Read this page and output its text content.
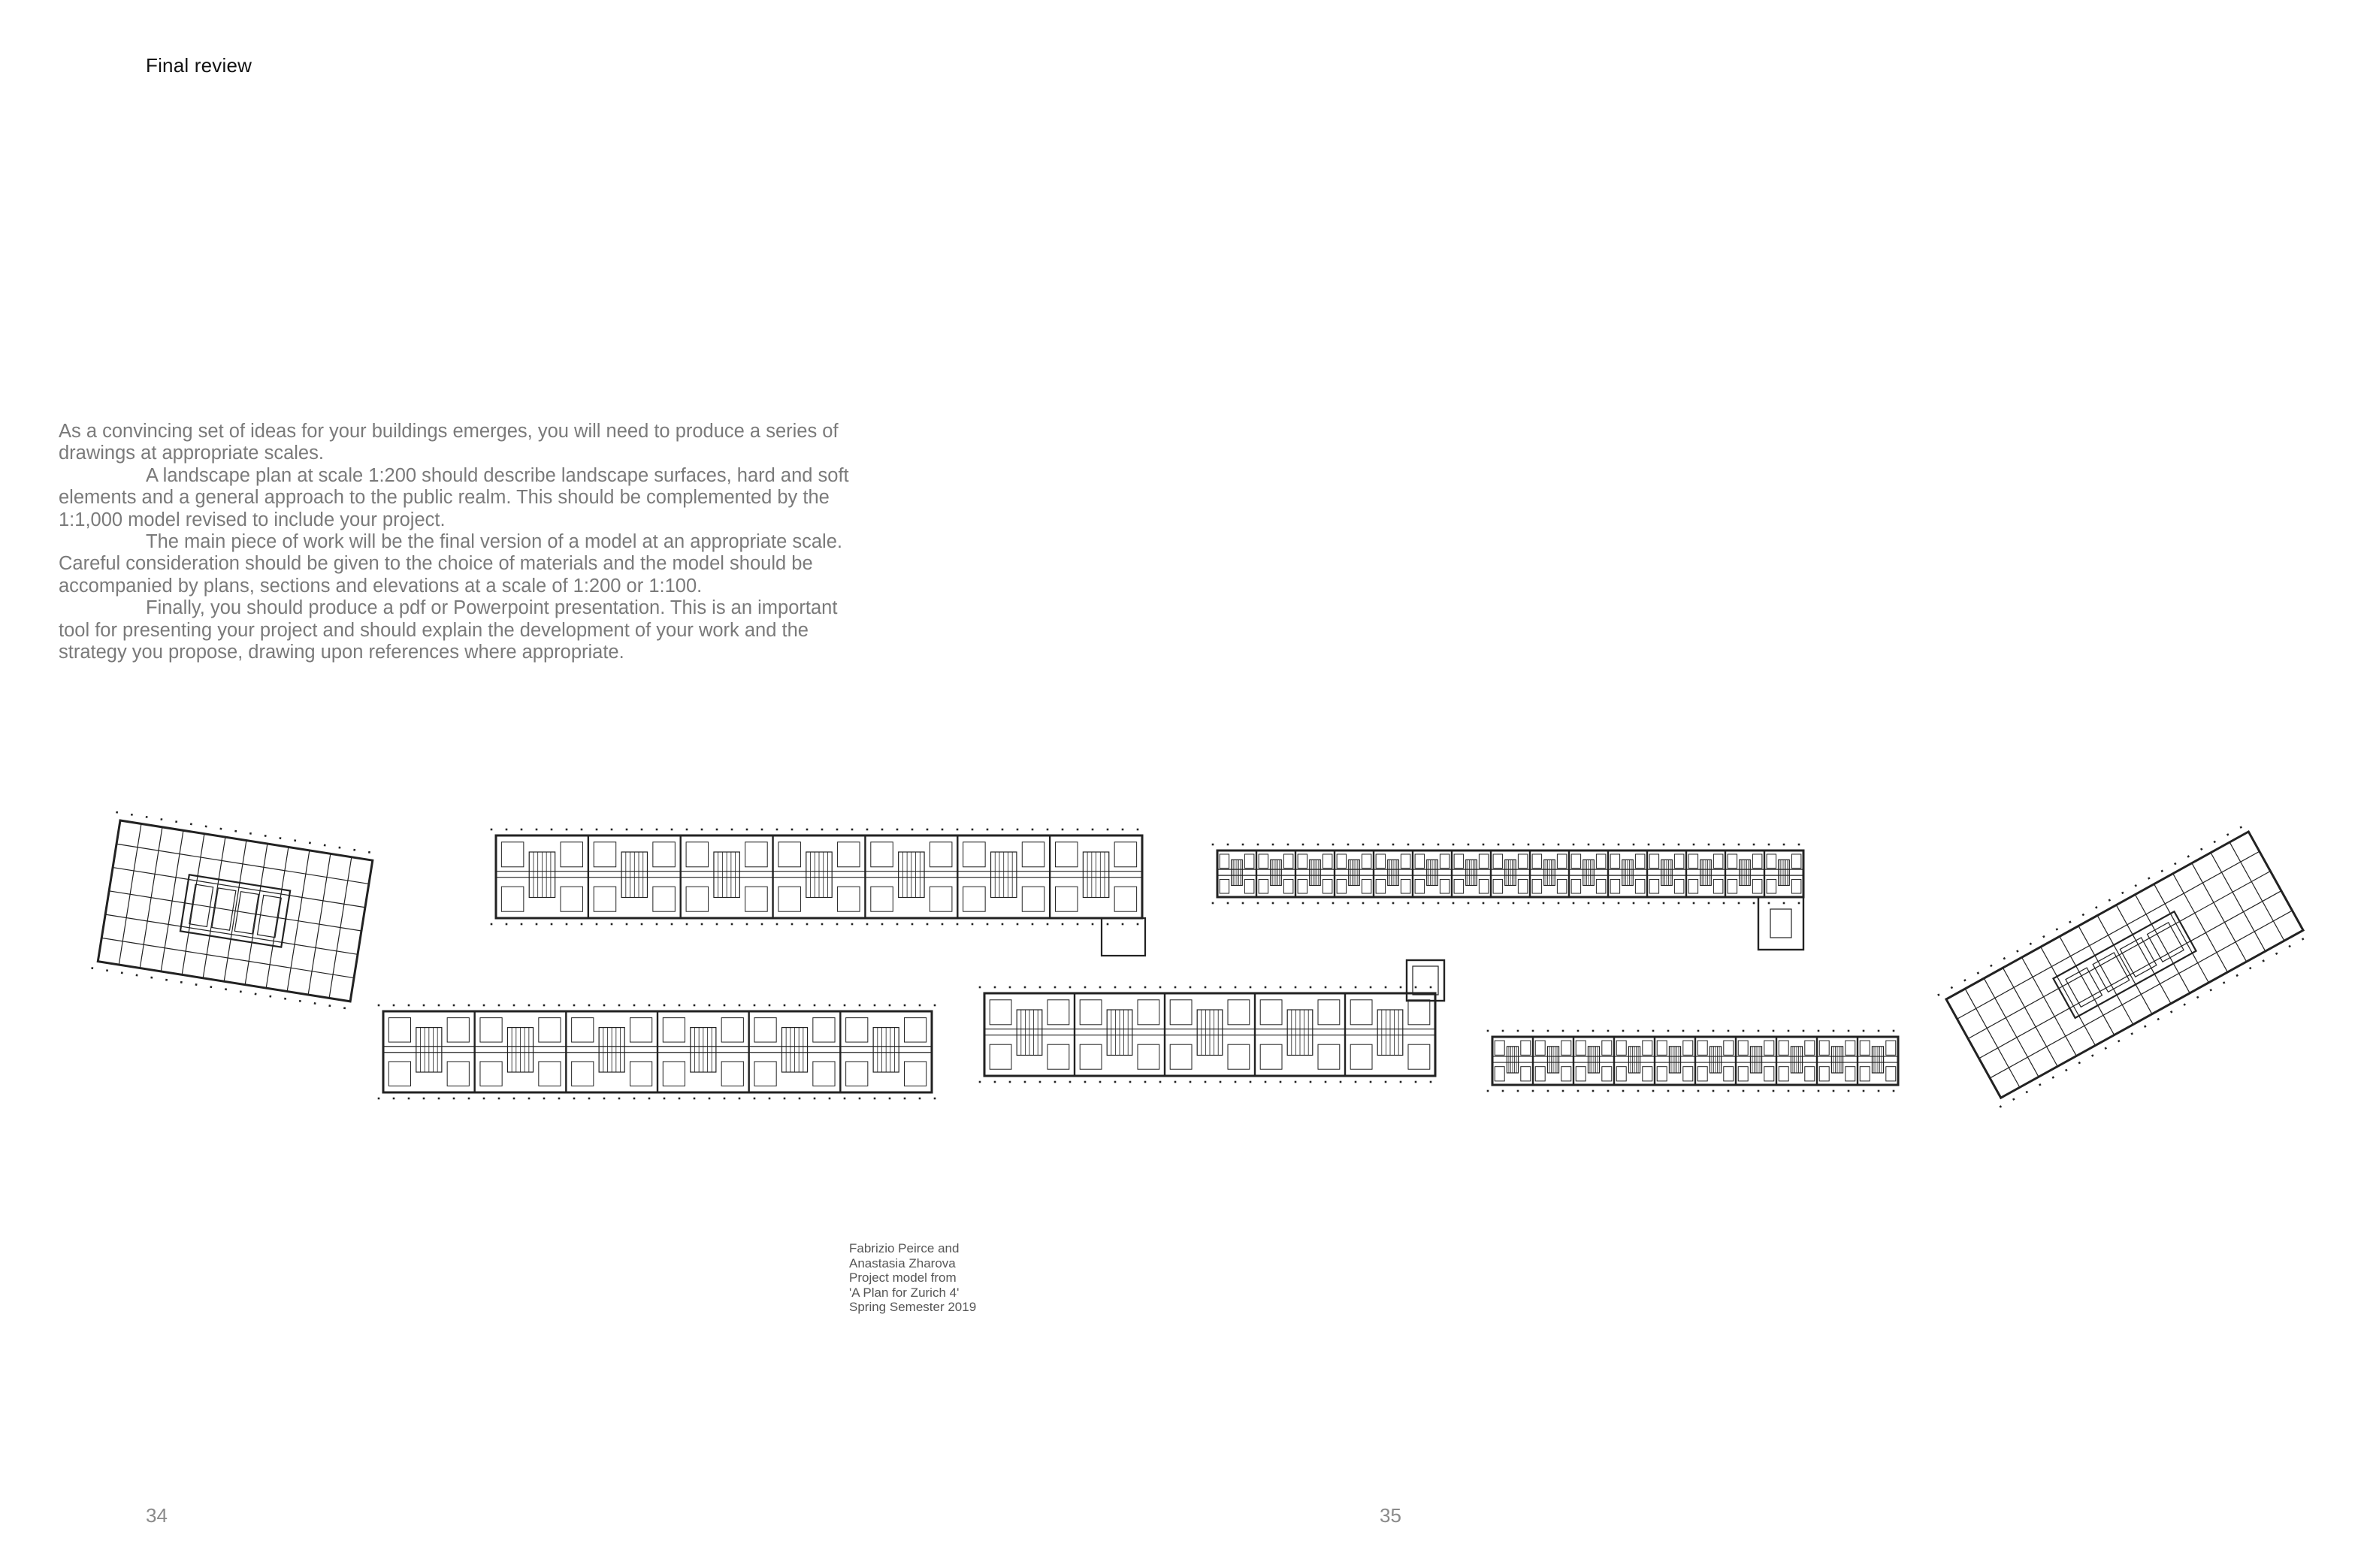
Final review

As a convincing set of ideas for your buildings emerges, you will need to produce a series of drawings at appropriate scales.

A landscape plan at scale 1:200 should describe landscape surfaces, hard and soft elements and a general approach to the public realm. This should be complemented by the 1:1,000 model revised to include your project.

The main piece of work will be the final version of a model at an appropriate scale. Careful consideration should be given to the choice of materials and the model should be accompanied by plans, sections and elevations at a scale of 1:200 or 1:100.

Finally, you should produce a pdf or Powerpoint presentation. This is an important tool for presenting your project and should explain the development of your work and the strategy you propose, drawing upon references where appropriate.

Fabrizio Peirce and
Anastasia Zharova
Project model from
'A Plan for Zurich 4'
Spring Semester 2019
34	35
